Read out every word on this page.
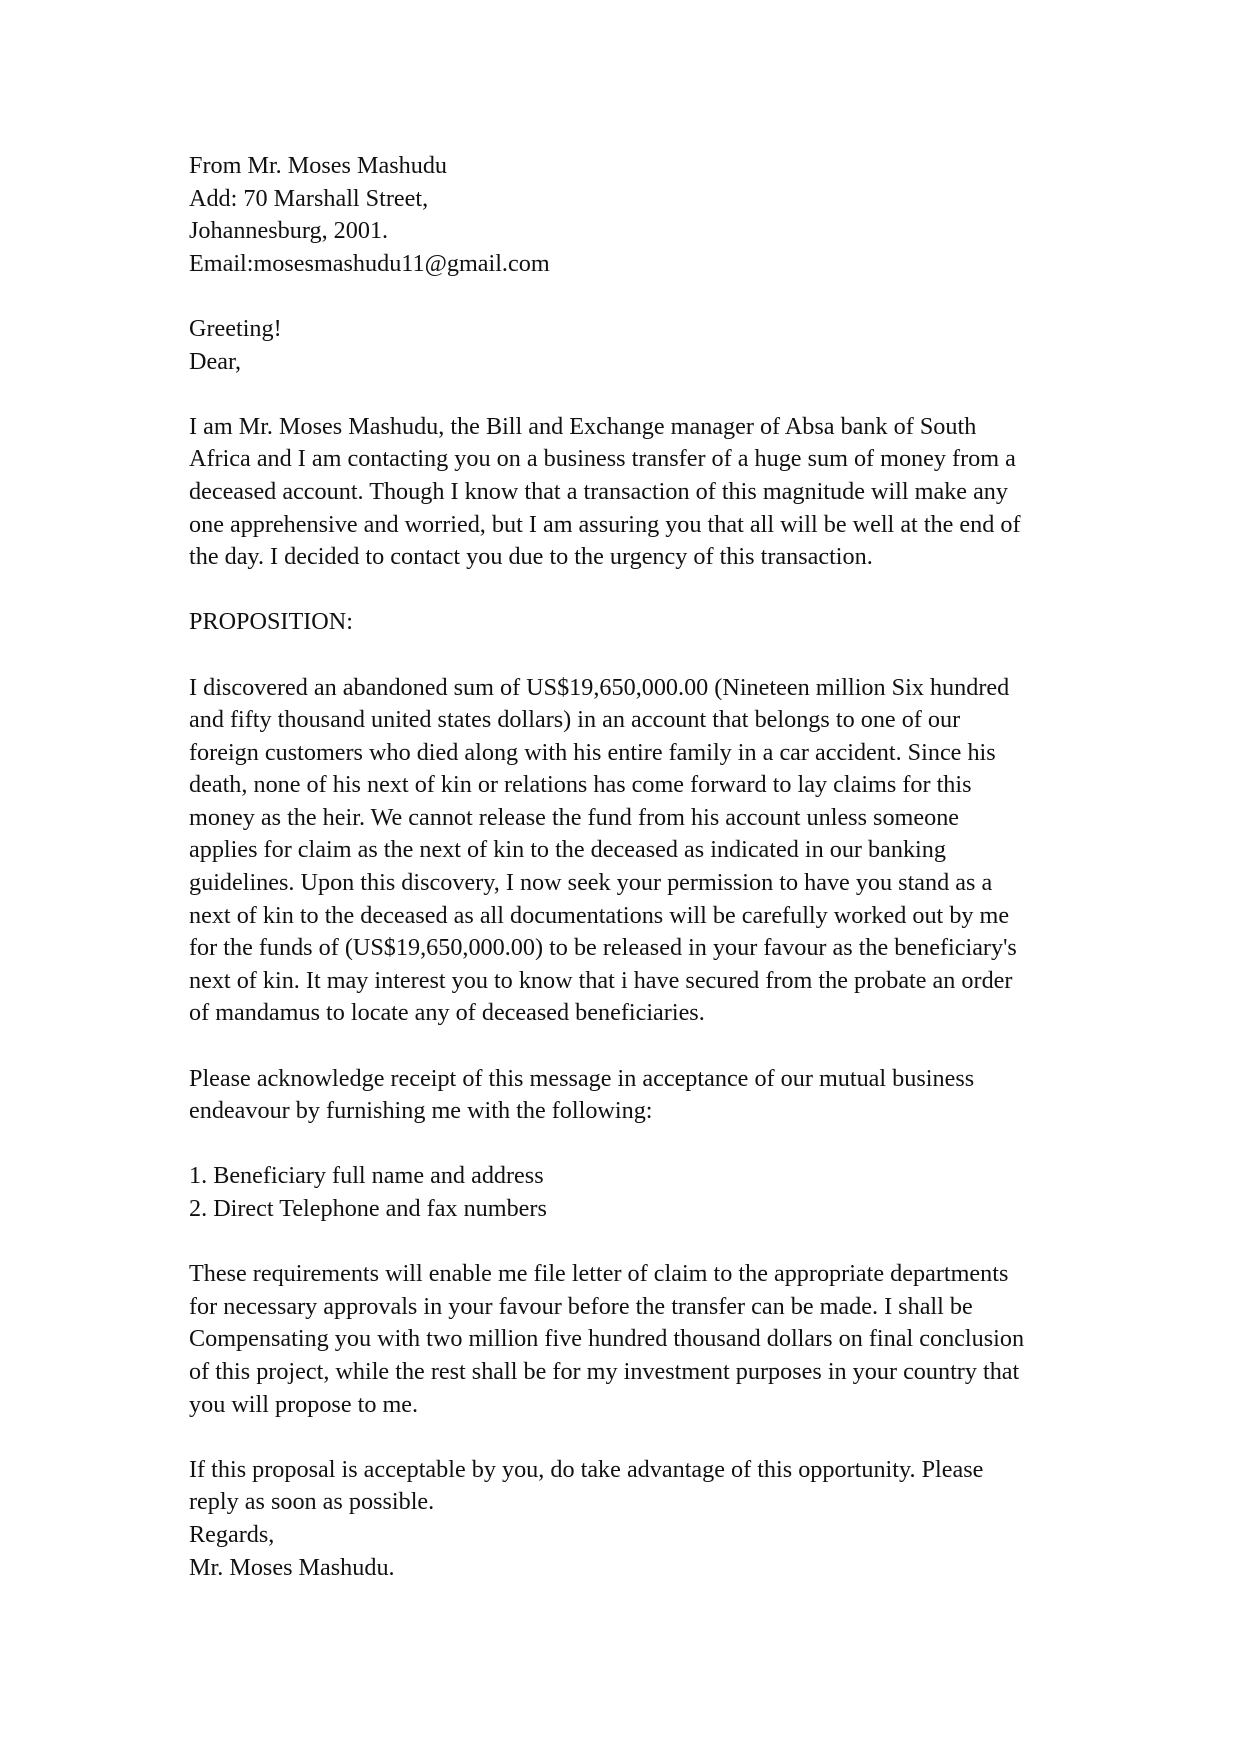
From Mr. Moses Mashudu
Add: 70 Marshall Street,
Johannesburg, 2001.
Email:mosesmashudu11@gmail.com
Greeting!
Dear,
I am Mr. Moses Mashudu, the Bill and Exchange manager of Absa bank of South
Africa and I am contacting you on a business transfer of a huge sum of money from a
deceased account. Though I know that a transaction of this magnitude will make any
one apprehensive and worried, but I am assuring you that all will be well at the end of
the day. I decided to contact you due to the urgency of this transaction.
PROPOSITION:
I discovered an abandoned sum of US$19,650,000.00 (Nineteen million Six hundred
and fifty thousand united states dollars) in an account that belongs to one of our
foreign customers who died along with his entire family in a car accident. Since his
death, none of his next of kin or relations has come forward to lay claims for this
money as the heir. We cannot release the fund from his account unless someone
applies for claim as the next of kin to the deceased as indicated in our banking
guidelines. Upon this discovery, I now seek your permission to have you stand as a
next of kin to the deceased as all documentations will be carefully worked out by me
for the funds of (US$19,650,000.00) to be released in your favour as the beneficiary's
next of kin. It may interest you to know that i have secured from the probate an order
of mandamus to locate any of deceased beneficiaries.
Please acknowledge receipt of this message in acceptance of our mutual business
endeavour by furnishing me with the following:
1. Beneficiary full name and address
2. Direct Telephone and fax numbers
These requirements will enable me file letter of claim to the appropriate departments
for necessary approvals in your favour before the transfer can be made. I shall be
Compensating you with two million five hundred thousand dollars on final conclusion
of this project, while the rest shall be for my investment purposes in your country that
you will propose to me.
If this proposal is acceptable by you, do take advantage of this opportunity. Please
reply as soon as possible.
Regards,
Mr. Moses Mashudu.
